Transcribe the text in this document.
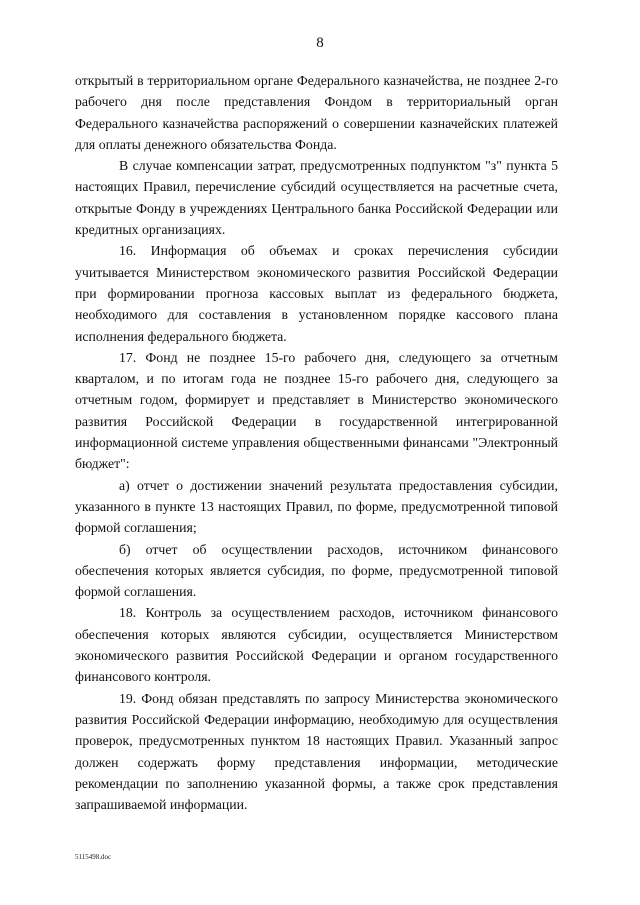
8

открытый в территориальном органе Федерального казначейства, не позднее 2-го рабочего дня после представления Фондом в территориальный орган Федерального казначейства распоряжений о совершении казначейских платежей для оплаты денежного обязательства Фонда.

В случае компенсации затрат, предусмотренных подпунктом "з" пункта 5 настоящих Правил, перечисление субсидий осуществляется на расчетные счета, открытые Фонду в учреждениях Центрального банка Российской Федерации или кредитных организациях.

16. Информация об объемах и сроках перечисления субсидии учитывается Министерством экономического развития Российской Федерации при формировании прогноза кассовых выплат из федерального бюджета, необходимого для составления в установленном порядке кассового плана исполнения федерального бюджета.

17. Фонд не позднее 15-го рабочего дня, следующего за отчетным кварталом, и по итогам года не позднее 15-го рабочего дня, следующего за отчетным годом, формирует и представляет в Министерство экономического развития Российской Федерации в государственной интегрированной информационной системе управления общественными финансами "Электронный бюджет":

а) отчет о достижении значений результата предоставления субсидии, указанного в пункте 13 настоящих Правил, по форме, предусмотренной типовой формой соглашения;

б) отчет об осуществлении расходов, источником финансового обеспечения которых является субсидия, по форме, предусмотренной типовой формой соглашения.

18. Контроль за осуществлением расходов, источником финансового обеспечения которых являются субсидии, осуществляется Министерством экономического развития Российской Федерации и органом государственного финансового контроля.

19. Фонд обязан представлять по запросу Министерства экономического развития Российской Федерации информацию, необходимую для осуществления проверок, предусмотренных пунктом 18 настоящих Правил. Указанный запрос должен содержать форму представления информации, методические рекомендации по заполнению указанной формы, а также срок представления запрашиваемой информации.

5115498.doc
